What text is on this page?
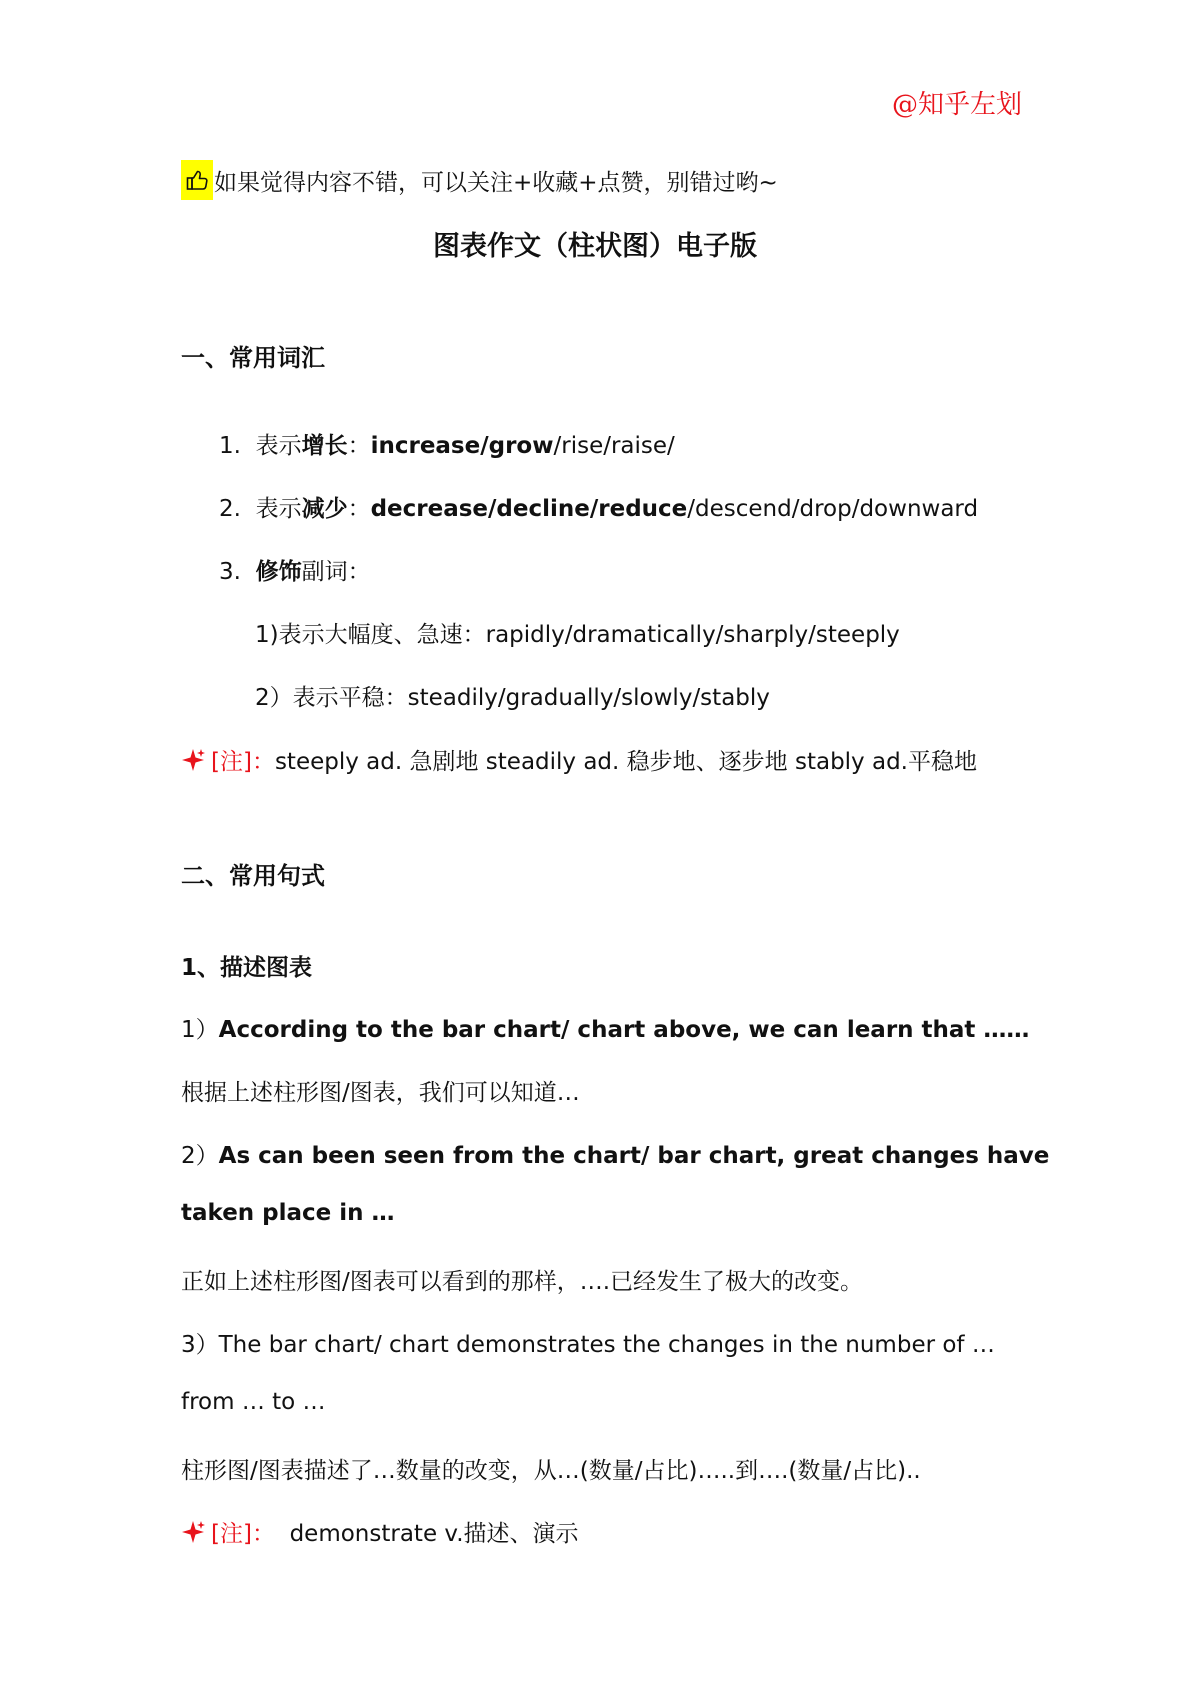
@知乎左划
如果觉得内容不错，可以关注+收藏+点赞，别错过哟~
图表作文（柱状图）电子版
一、常用词汇
1. 表示增长：increase/grow/rise/raise/
2. 表示减少：decrease/decline/reduce/descend/drop/downward
3. 修饰副词：
1)表示大幅度、急速：rapidly/dramatically/sharply/steeply
2）表示平稳：steadily/gradually/slowly/stably
[注]：steeply ad. 急剧地 steadily ad. 稳步地、逐步地 stably ad.平稳地
二、常用句式
1、描述图表
1）According to the bar chart/ chart above, we can learn that ……
根据上述柱形图/图表，我们可以知道…
2）As can been seen from the chart/ bar chart, great changes have
taken place in …
正如上述柱形图/图表可以看到的那样，….已经发生了极大的改变。
3）The bar chart/ chart demonstrates the changes in the number of …
from … to …
柱形图/图表描述了…数量的改变，从…(数量/占比)…..到….(数量/占比)..
[注]： demonstrate v.描述、演示
